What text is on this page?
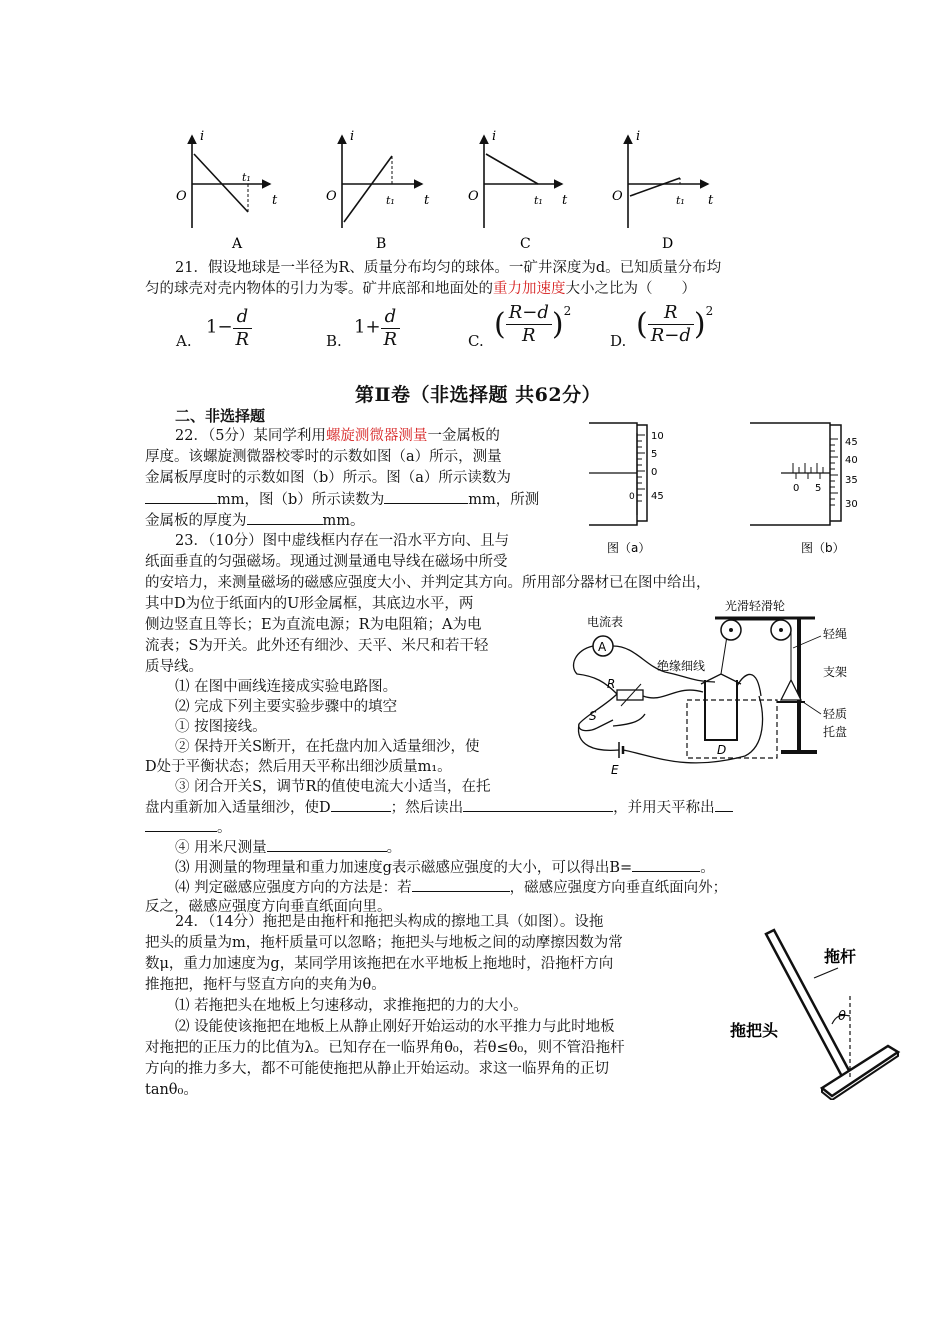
i
t
O
t₁
A
i
t
O	t₁
B
i
t
O	t₁
C
i
t
O	t₁
D
21．假设地球是一半径为R、质量分布均匀的球体。一矿井深度为d。已知质量分布均
匀的球壳对壳内物体的引力为零。矿井底部和地面处的重力加速度大小之比为（　　）
A.
$1- \frac{d}{R}$	B.
$1+ \frac{d}{R}$	C. ( $\frac{R-d}{R} )^2$
D. ( $\frac{R}{R-d} )^2$
第Ⅱ卷（非选择题 共62分）
二、非选择题
22．（5分）某同学利用螺旋测微器测量一金属板的
厚度。该螺旋测微器校零时的示数如图（a）所示，测量
金属板厚度时的示数如图（b）所示。图（a）所示读数为
mm，图（b）所示读数为	mm，所测
金属板的厚度为	mm。
10
5
0
45
0
图（a）
45
40
35
30
0 5
图（b）
23．（10分）图中虚线框内存在一沿水平方向、且与
纸面垂直的匀强磁场。现通过测量通电导线在磁场中所受
的安培力，来测量磁场的磁感应强度大小、并判定其方向。所用部分器材已在图中给出，
其中D为位于纸面内的U形金属框，其底边水平，两
侧边竖直且等长；E为直流电源；R为电阻箱；A为电
流表；S为开关。此外还有细沙、天平、米尺和若干轻
质导线。
⑴ 在图中画线连接成实验电路图。
⑵ 完成下列主要实验步骤中的填空
① 按图接线。
② 保持开关S断开，在托盘内加入适量细沙，使
D处于平衡状态；然后用天平称出细沙质量m₁。
③ 闭合开关S，调节R的值使电流大小适当，在托
盘内重新加入适量细沙，使D	；然后读出	，并用天平称出
。
④ 用米尺测量	。
⑶ 用测量的物理量和重力加速度g表示磁感应强度的大小，可以得出B=	。
⑷ 判定磁感应强度方向的方法是：若	，磁感应强度方向垂直纸面向外；
反之，磁感应强度方向垂直纸面向里。
电流表
A
R
S
E
D
绝缘细线
光滑轻滑轮
轻绳
支架
轻质
托盘
24．（14分）拖把是由拖杆和拖把头构成的擦地工具（如图）。设拖
把头的质量为m，拖杆质量可以忽略；拖把头与地板之间的动摩擦因数为常
数μ，重力加速度为g，某同学用该拖把在水平地板上拖地时，沿拖杆方向
推拖把，拖杆与竖直方向的夹角为θ。
⑴ 若拖把头在地板上匀速移动，求推拖把的力的大小。
⑵ 设能使该拖把在地板上从静止刚好开始运动的水平推力与此时地板
对拖把的正压力的比值为λ。已知存在一临界角θ₀，若θ≤θ₀，则不管沿拖杆
方向的推力多大，都不可能使拖把从静止开始运动。求这一临界角的正切
tanθ₀。
θ
拖杆
拖把头
